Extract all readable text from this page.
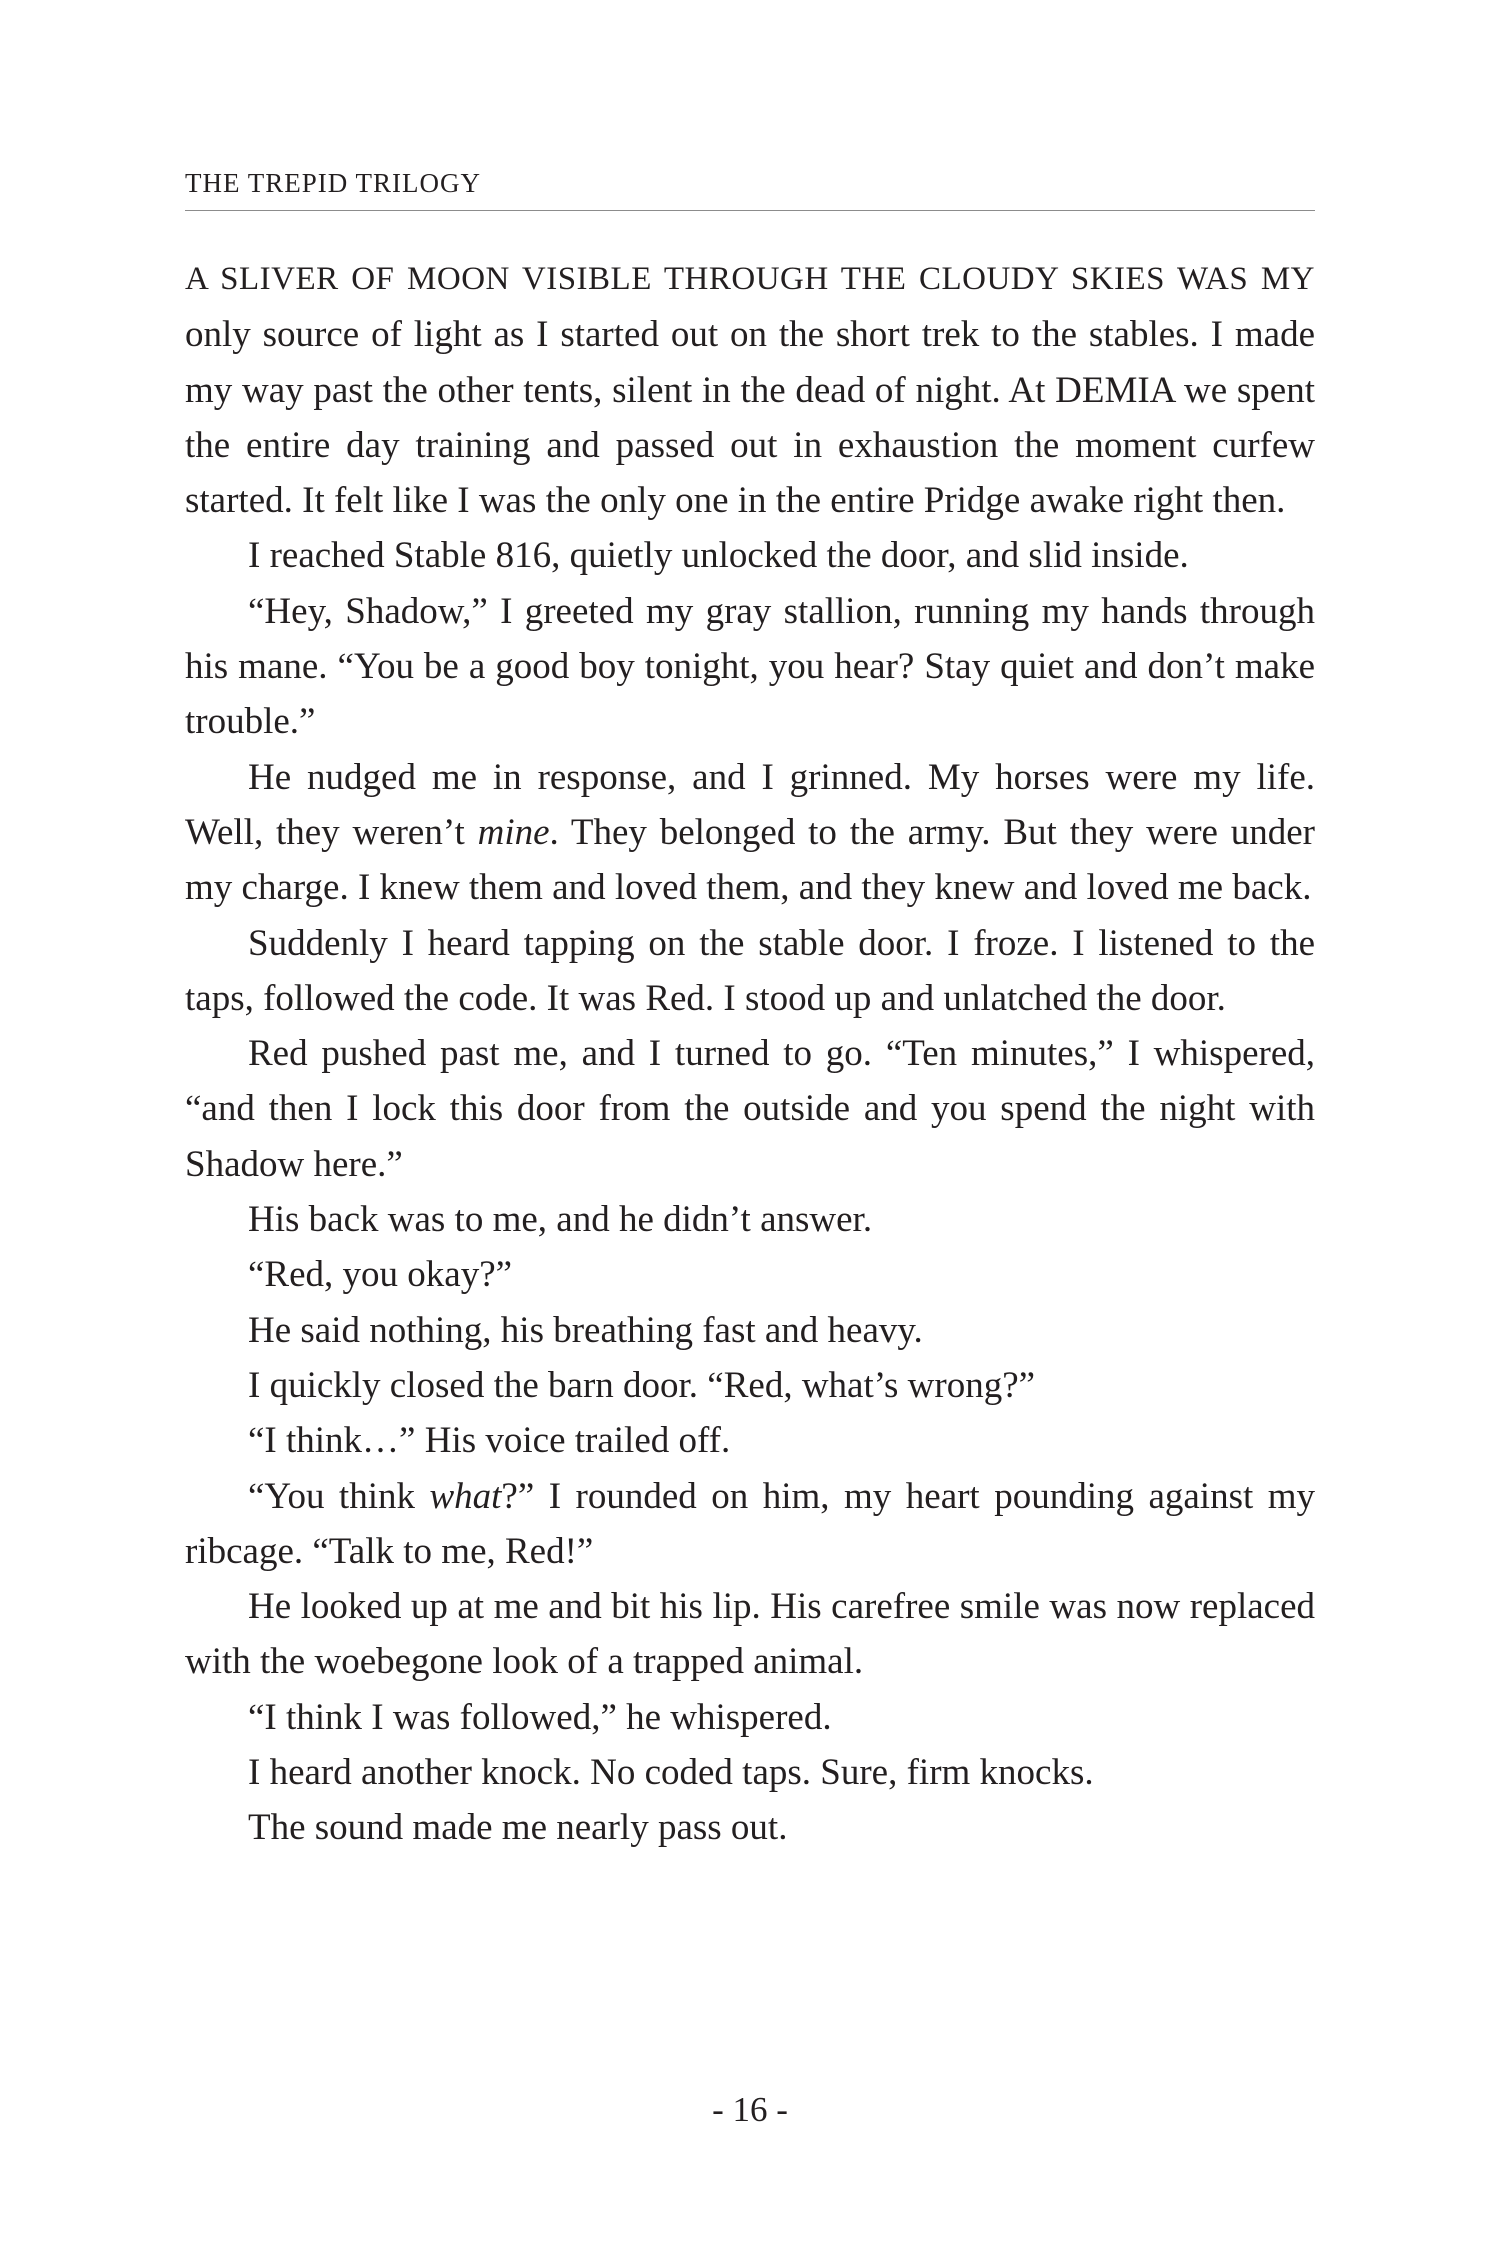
THE TREPID TRILOGY

A SLIVER OF MOON VISIBLE THROUGH THE CLOUDY SKIES WAS MY only source of light as I started out on the short trek to the stables. I made my way past the other tents, silent in the dead of night. At DEMIA we spent the entire day training and passed out in exhaustion the moment curfew started. It felt like I was the only one in the entire Pridge awake right then.

I reached Stable 816, quietly unlocked the door, and slid inside.

“Hey, Shadow,” I greeted my gray stallion, running my hands through his mane. “You be a good boy tonight, you hear? Stay quiet and don’t make trouble.”

He nudged me in response, and I grinned. My horses were my life. Well, they weren’t mine. They belonged to the army. But they were under my charge. I knew them and loved them, and they knew and loved me back.

Suddenly I heard tapping on the stable door. I froze. I listened to the taps, followed the code. It was Red. I stood up and unlatched the door.

Red pushed past me, and I turned to go. “Ten minutes,” I whispered, “and then I lock this door from the outside and you spend the night with Shadow here.”

His back was to me, and he didn’t answer.

“Red, you okay?”

He said nothing, his breathing fast and heavy.

I quickly closed the barn door. “Red, what’s wrong?”

“I think…” His voice trailed off.

“You think what?” I rounded on him, my heart pounding against my ribcage. “Talk to me, Red!”

He looked up at me and bit his lip. His carefree smile was now replaced with the woebegone look of a trapped animal.

“I think I was followed,” he whispered.

I heard another knock. No coded taps. Sure, firm knocks.

The sound made me nearly pass out.

- 16 -
